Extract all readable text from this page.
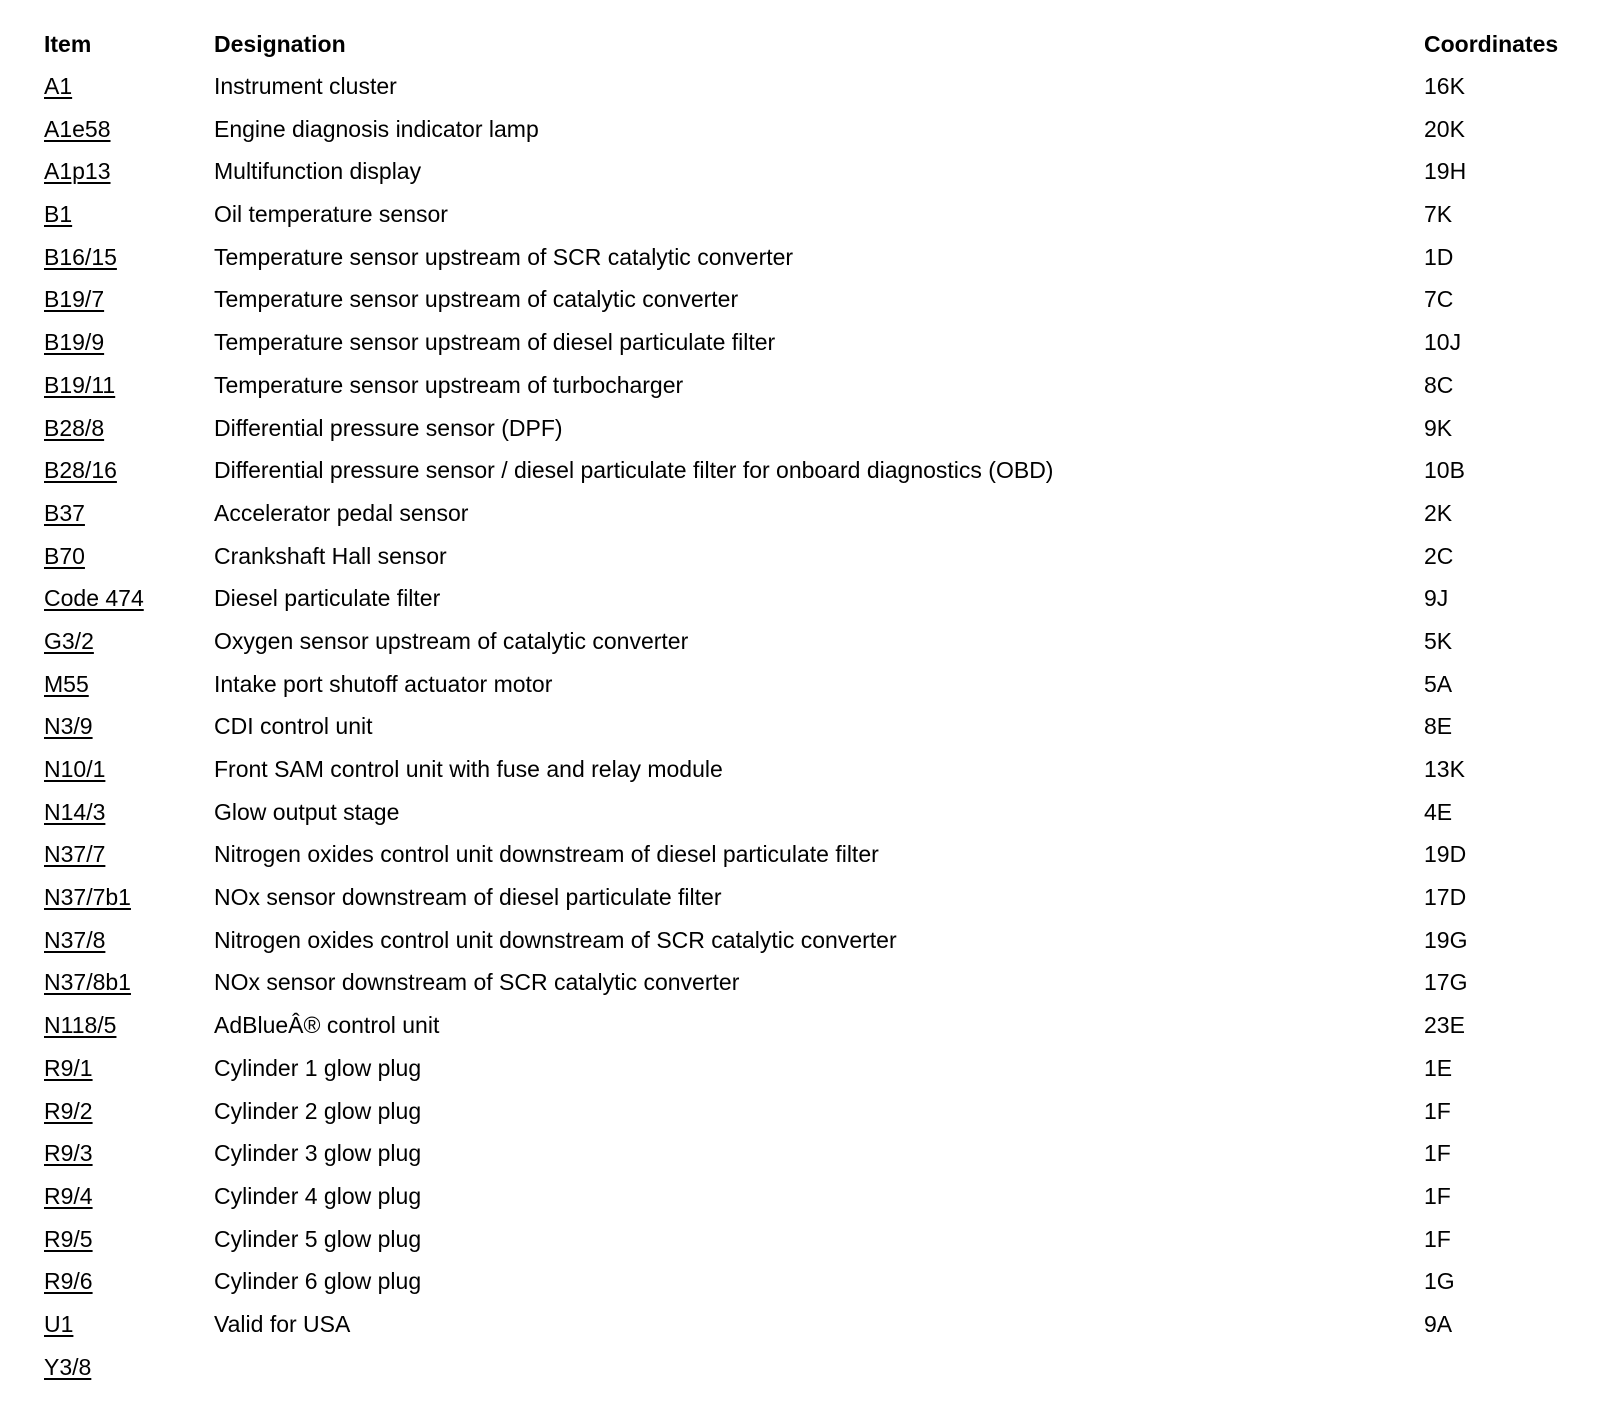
Item	Designation	Coordinates
A1	Instrument cluster	16K
A1e58	Engine diagnosis indicator lamp	20K
A1p13	Multifunction display	19H
B1	Oil temperature sensor	7K
B16/15	Temperature sensor upstream of SCR catalytic converter	1D
B19/7	Temperature sensor upstream of catalytic converter	7C
B19/9	Temperature sensor upstream of diesel particulate filter	10J
B19/11	Temperature sensor upstream of turbocharger	8C
B28/8	Differential pressure sensor (DPF)	9K
B28/16	Differential pressure sensor / diesel particulate filter for onboard diagnostics (OBD)	10B
B37	Accelerator pedal sensor	2K
B70	Crankshaft Hall sensor	2C
Code 474	Diesel particulate filter	9J
G3/2	Oxygen sensor upstream of catalytic converter	5K
M55	Intake port shutoff actuator motor	5A
N3/9	CDI control unit	8E
N10/1	Front SAM control unit with fuse and relay module	13K
N14/3	Glow output stage	4E
N37/7	Nitrogen oxides control unit downstream of diesel particulate filter	19D
N37/7b1	NOx sensor downstream of diesel particulate filter	17D
N37/8	Nitrogen oxides control unit downstream of SCR catalytic converter	19G
N37/8b1	NOx sensor downstream of SCR catalytic converter	17G
N118/5	AdBlueÂ® control unit	23E
R9/1	Cylinder 1 glow plug	1E
R9/2	Cylinder 2 glow plug	1F
R9/3	Cylinder 3 glow plug	1F
R9/4	Cylinder 4 glow plug	1F
R9/5	Cylinder 5 glow plug	1F
R9/6	Cylinder 6 glow plug	1G
U1	Valid for USA	9A
Y3/8
